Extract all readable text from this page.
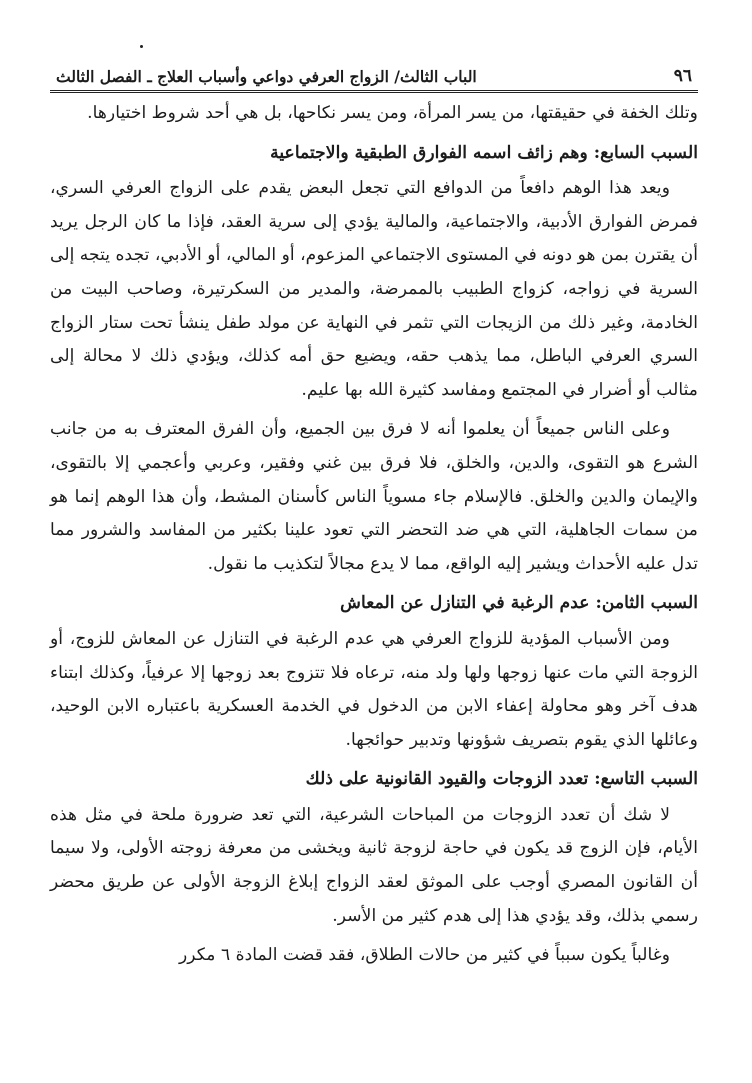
٩٦
الباب الثالث/ الزواج العرفي دواعي وأسباب العلاج ـ الفصل الثالث

وتلك الخفة في حقيقتها، من يسر المرأة، ومن يسر نكاحها، بل هي أحد شروط اختيارها.

السبب السابع: وهم زائف اسمه الفوارق الطبقية والاجتماعية

ويعد هذا الوهم دافعاً من الدوافع التي تجعل البعض يقدم على الزواج العرفي السري، فمرض الفوارق الأدبية، والاجتماعية، والمالية يؤدي إلى سرية العقد، فإذا ما كان الرجل يريد أن يقترن بمن هو دونه في المستوى الاجتماعي المزعوم، أو المالي، أو الأدبي، تجده يتجه إلى السرية في زواجه، كزواج الطبيب بالممرضة، والمدير من السكرتيرة، وصاحب البيت من الخادمة، وغير ذلك من الزيجات التي تثمر في النهاية عن مولد طفل ينشأ تحت ستار الزواج السري العرفي الباطل، مما يذهب حقه، ويضيع حق أمه كذلك، ويؤدي ذلك لا محالة إلى مثالب أو أضرار في المجتمع ومفاسد كثيرة الله بها عليم.

وعلى الناس جميعاً أن يعلموا أنه لا فرق بين الجميع، وأن الفرق المعترف به من جانب الشرع هو التقوى، والدين، والخلق، فلا فرق بين غني وفقير، وعربي وأعجمي إلا بالتقوى، والإيمان والدين والخلق. فالإسلام جاء مسوياً الناس كأسنان المشط، وأن هذا الوهم إنما هو من سمات الجاهلية، التي هي ضد التحضر التي تعود علينا بكثير من المفاسد والشرور مما تدل عليه الأحداث ويشير إليه الواقع، مما لا يدع مجالاً لتكذيب ما نقول.

السبب الثامن: عدم الرغبة في التنازل عن المعاش

ومن الأسباب المؤدية للزواج العرفي هي عدم الرغبة في التنازل عن المعاش للزوج، أو الزوجة التي مات عنها زوجها ولها ولد منه، ترعاه فلا تتزوج بعد زوجها إلا عرفياً، وكذلك ابتناء هدف آخر وهو محاولة إعفاء الابن من الدخول في الخدمة العسكرية باعتباره الابن الوحيد، وعائلها الذي يقوم بتصريف شؤونها وتدبير حوائجها.

السبب التاسع: تعدد الزوجات والقيود القانونية على ذلك

لا شك أن تعدد الزوجات من المباحات الشرعية، التي تعد ضرورة ملحة في مثل هذه الأيام، فإن الزوج قد يكون في حاجة لزوجة ثانية ويخشى من معرفة زوجته الأولى، ولا سيما أن القانون المصري أوجب على الموثق لعقد الزواج إبلاغ الزوجة الأولى عن طريق محضر رسمي بذلك، وقد يؤدي هذا إلى هدم كثير من الأسر.

وغالباً يكون سبباً في كثير من حالات الطلاق، فقد قضت المادة ٦ مكرر
